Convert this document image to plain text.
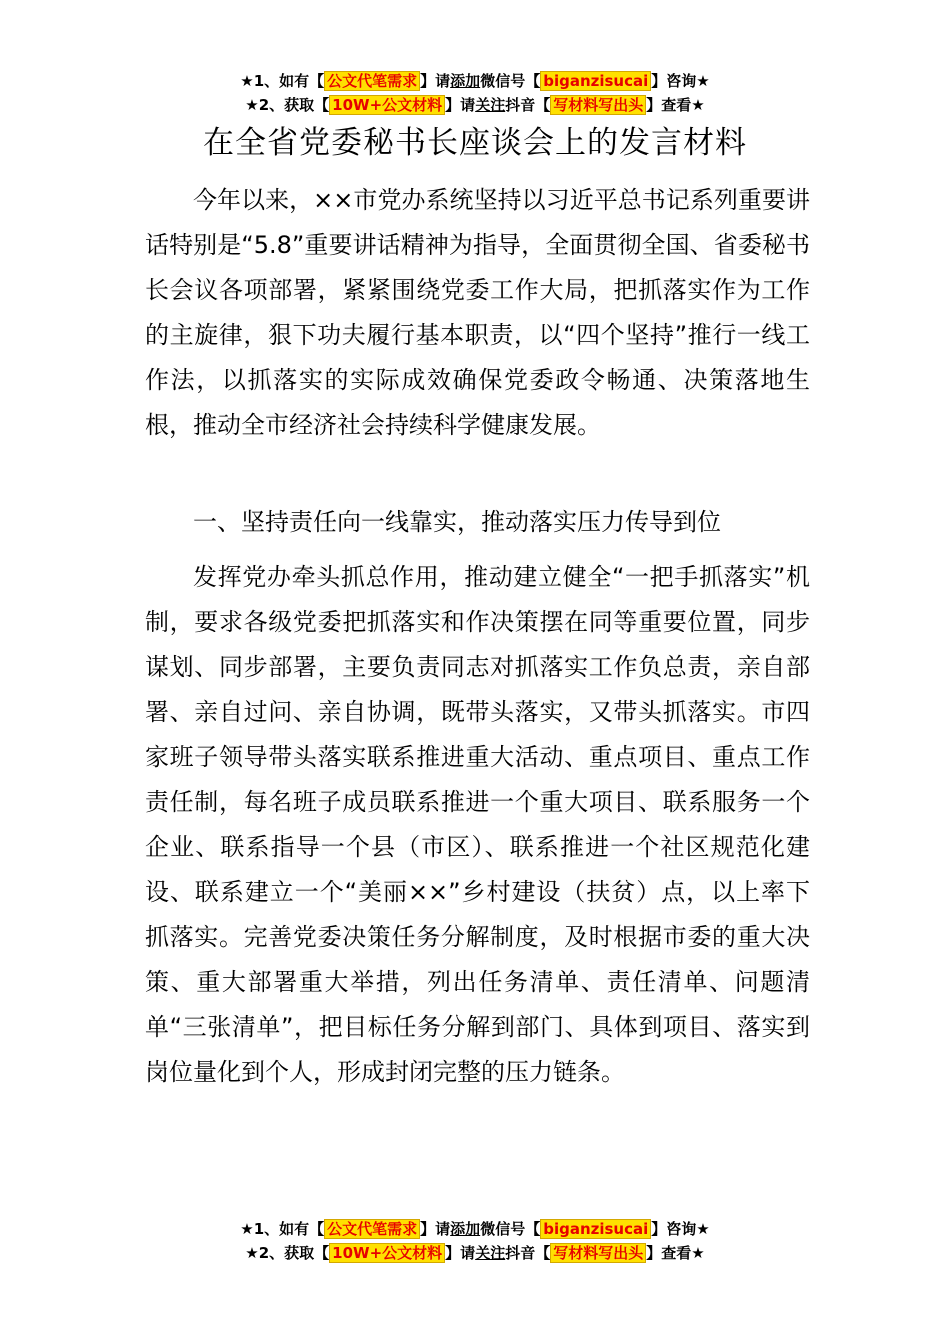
★1、如有【 公文代笔需求 】请添加微信号【 biganzisucai 】咨询★
★2、获取【 10W+公文材料 】请关注抖音【 写材料写出头 】查看★
在全省党委秘书长座谈会上的发言材料

今年以来，××市党办系统坚持以习近平总书记系列重要讲话特别是“5.8”重要讲话精神为指导，全面贯彻全国、省委秘书长会议各项部署，紧紧围绕党委工作大局，把抓落实作为工作的主旋律，狠下功夫履行基本职责，以“四个坚持”推行一线工作法，以抓落实的实际成效确保党委政令畅通、决策落地生根，推动全市经济社会持续科学健康发展。

一、坚持责任向一线靠实，推动落实压力传导到位

发挥党办牵头抓总作用，推动建立健全“一把手抓落实”机制，要求各级党委把抓落实和作决策摆在同等重要位置，同步谋划、同步部署，主要负责同志对抓落实工作负总责，亲自部署、亲自过问、亲自协调，既带头落实，又带头抓落实。市四家班子领导带头落实联系推进重大活动、重点项目、重点工作责任制，每名班子成员联系推进一个重大项目、联系服务一个企业、联系指导一个县（市区）、联系推进一个社区规范化建设、联系建立一个“美丽××”乡村建设（扶贫）点，以上率下抓落实。完善党委决策任务分解制度，及时根据市委的重大决策、重大部署重大举措，列出任务清单、责任清单、问题清单“三张清单”，把目标任务分解到部门、具体到项目、落实到岗位量化到个人，形成封闭完整的压力链条。

★1、如有【 公文代笔需求 】请添加微信号【 biganzisucai 】咨询★
★2、获取【 10W+公文材料 】请关注抖音【 写材料写出头 】查看★
